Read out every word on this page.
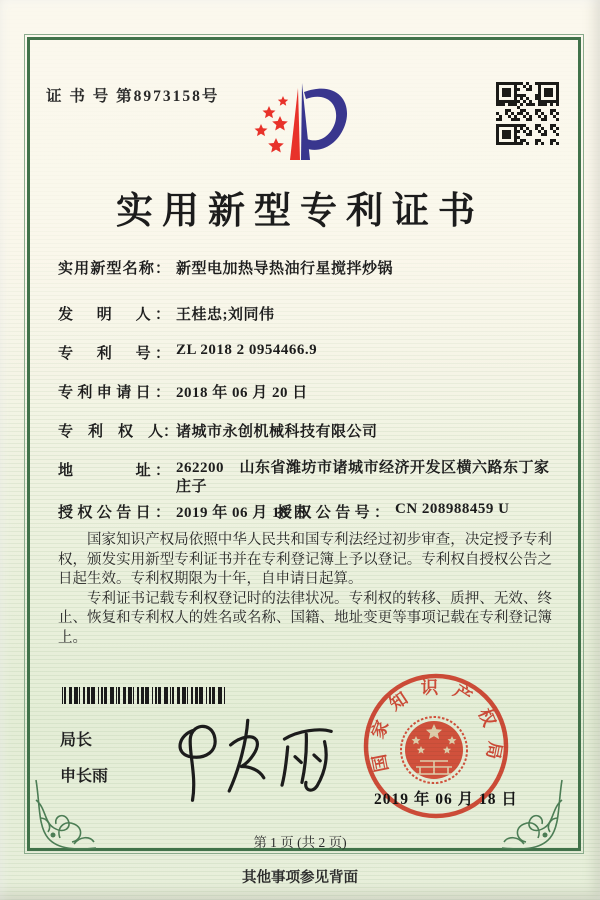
证 书 号 第8973158号
实用新型专利证书
实用新型名称： 新型电加热导热油行星搅拌炒锅
发　明　人： 王桂忠;刘同伟
专　利　号： ZL 2018 2 0954466.9
专利申请日： 2018 年 06 月 20 日
专　利　权　人：诸城市永创机械科技有限公司
地　　　址： 262200　山东省潍坊市诸城市经济开发区横六路东丁家庄子
授权公告日： 2019 年 06 月 18 日
授权公告号： CN 208988459 U

国家知识产权局依照中华人民共和国专利法经过初步审查，决定授予专利权，颁发实用新型专利证书并在专利登记簿上予以登记。专利权自授权公告之日起生效。专利权期限为十年，自申请日起算。

专利证书记载专利权登记时的法律状况。专利权的转移、质押、无效、终止、恢复和专利权人的姓名或名称、国籍、地址变更等事项记载在专利登记簿上。

局长
申长雨
国家知识产权局
2019 年 06 月 18 日
第 1 页 (共 2 页)
其他事项参见背面
